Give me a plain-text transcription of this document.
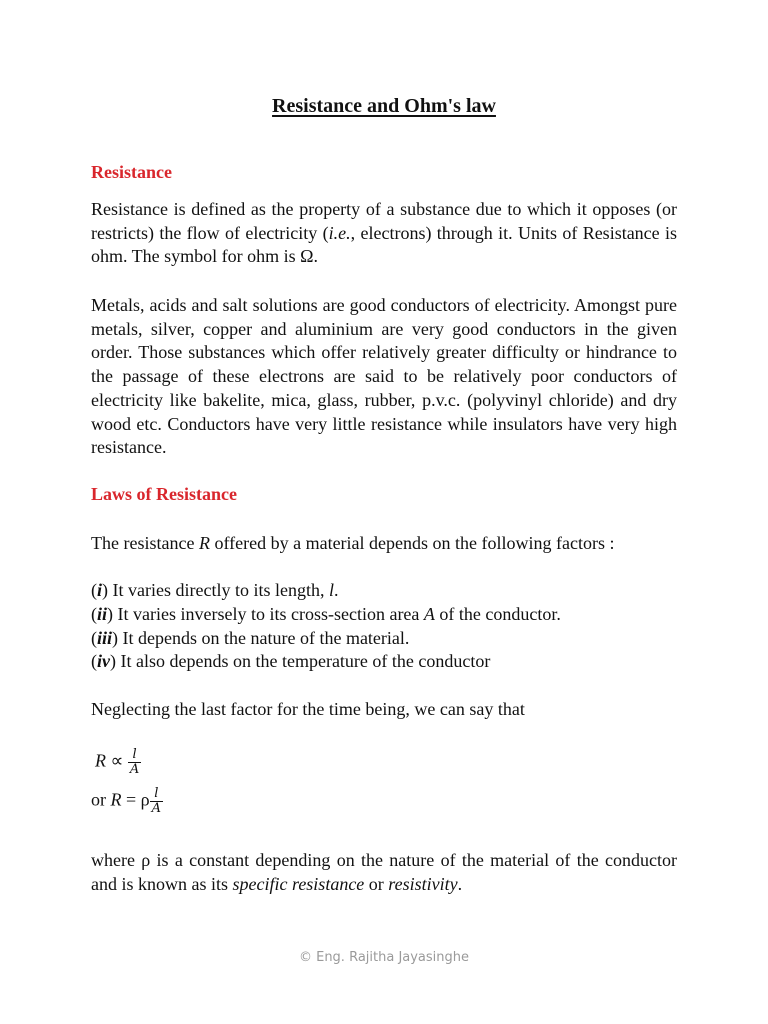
Resistance and Ohm's law
Resistance

Resistance is defined as the property of a substance due to which it opposes (or restricts) the flow of electricity (i.e., electrons) through it. Units of Resistance is ohm. The symbol for ohm is Ω.

Metals, acids and salt solutions are good conductors of electricity. Amongst pure metals, silver, copper and aluminium are very good conductors in the given order. Those substances which offer relatively greater difficulty or hindrance to the passage of these electrons are said to be relatively poor conductors of electricity like bakelite, mica, glass, rubber, p.v.c. (polyvinyl chloride) and dry wood etc. Conductors have very little resistance while insulators have very high resistance.

Laws of Resistance

The resistance R offered by a material depends on the following factors :

(i) It varies directly to its length, l.

(ii) It varies inversely to its cross-section area A of the conductor.

(iii) It depends on the nature of the material.

(iv) It also depends on the temperature of the conductor

Neglecting the last factor for the time being, we can say that

$R \propto \frac{l}{A}$
or R = ρ $\frac{l}{A}$

where ρ is a constant depending on the nature of the material of the conductor and is known as its specific resistance or resistivity.

© Eng. Rajitha Jayasinghe
